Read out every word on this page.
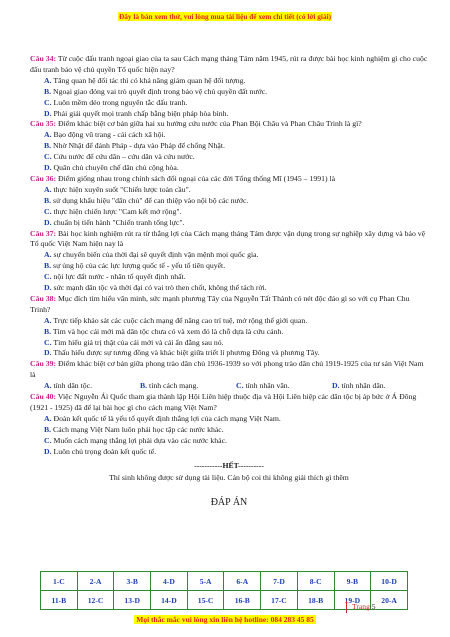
Đây là bản xem thử, vui lòng mua tài liệu để xem chi tiết (có lời giải)
Câu 34: Từ cuộc đấu tranh ngoại giao của ta sau Cách mạng tháng Tám năm 1945, rút ra được bài học kinh nghiệm gì cho cuộc đấu tranh bảo vệ chủ quyền Tổ quốc hiện nay?
A. Tăng quan hệ đối tác thì có khả năng giảm quan hệ đối tượng.
B. Ngoại giao đóng vai trò quyết định trong bảo vệ chủ quyền đất nước.
C. Luôn mềm dẻo trong nguyên tắc đấu tranh.
D. Phải giải quyết mọi tranh chấp bằng biện pháp hòa bình.
Câu 35: Điểm khác biệt cơ bản giữa hai xu hướng cứu nước của Phan Bội Châu và Phan Châu Trinh là gì?
A. Bạo động vũ trang - cải cách xã hội.
B. Nhờ Nhật để đánh Pháp - dựa vào Pháp để chống Nhật.
C. Cứu nước để cứu dân – cứu dân và cứu nước.
D. Quân chủ chuyên chế dân chủ cộng hòa.
Câu 36: Điểm giống nhau trong chính sách đối ngoại của các đời Tổng thống Mĩ (1945 – 1991) là
A. thực hiện xuyên suốt "Chiến lược toàn cầu".
B. sử dụng khẩu hiệu "dân chủ" để can thiệp vào nội bộ các nước.
C. thực hiện chiến lược "Cam kết mở rộng".
D. chuẩn bị tiến hành "Chiến tranh tổng lực".
Câu 37: Bài học kinh nghiệm rút ra từ thắng lợi của Cách mạng tháng Tám được vận dụng trong sự nghiệp xây dựng và bảo vệ Tổ quốc Việt Nam hiện nay là
A. sự chuyển biến của thời đại sẽ quyết định vận mệnh mọi quốc gia.
B. sự ủng hộ của các lực lượng quốc tế - yếu tố tiên quyết.
C. nội lực đất nước - nhân tố quyết định nhất.
D. sức mạnh dân tộc và thời đại có vai trò then chốt, không thể tách rời.
Câu 38: Mục đích tìm hiểu văn minh, sức mạnh phương Tây của Nguyễn Tất Thành có nét độc đáo gì so với cụ Phan Chu Trinh?
A. Trực tiếp khảo sát các cuộc cách mạng để nâng cao trí tuệ, mở rộng thế giới quan.
B. Tìm và học cái mới mà dân tộc chưa có và xem đó là chỗ dựa là cứu cánh.
C. Tìm hiểu giá trị thật của cái mới và cái ẩn đằng sau nó.
D. Thấu hiểu được sự tương đồng và khác biệt giữa triết lí phương Đông và phương Tây.
Câu 39: Điểm khác biệt cơ bản giữa phong trào dân chủ 1936-1939 so với phong trào dân chủ 1919-1925 của tư sản Việt Nam là
A. tính dân tộc.	B. tính cách mạng.	C. tính nhân văn.	D. tính nhân dân.
Câu 40: Việc Nguyễn Ái Quốc tham gia thành lập Hội Liên hiệp thuộc địa và Hội Liên hiệp các dân tộc bị áp bức ở Á Đông (1921 - 1925) đã để lại bài học gì cho cách mạng Việt Nam?
A. Đoàn kết quốc tế là yếu tố quyết định thắng lợi của cách mạng Việt Nam.
B. Cách mạng Việt Nam luôn phải học tập các nước khác.
C. Muốn cách mạng thắng lợi phải dựa vào các nước khác.
D. Luôn chủ trọng đoàn kết quốc tế.
-----------HẾT----------
Thí sinh không được sử dụng tài liệu. Cán bộ coi thi không giải thích gì thêm
ĐÁP ÁN
1-C	2-A	3-B	4-D	5-A	6-A	7-D	8-C	9-B	10-D
11-B	12-C	13-D	14-D	15-C	16-B	17-C	18-B	19-D	20-A
Trang 5
Mọi thắc mắc vui lòng xin liên hệ hotline: 084 283 45 85
